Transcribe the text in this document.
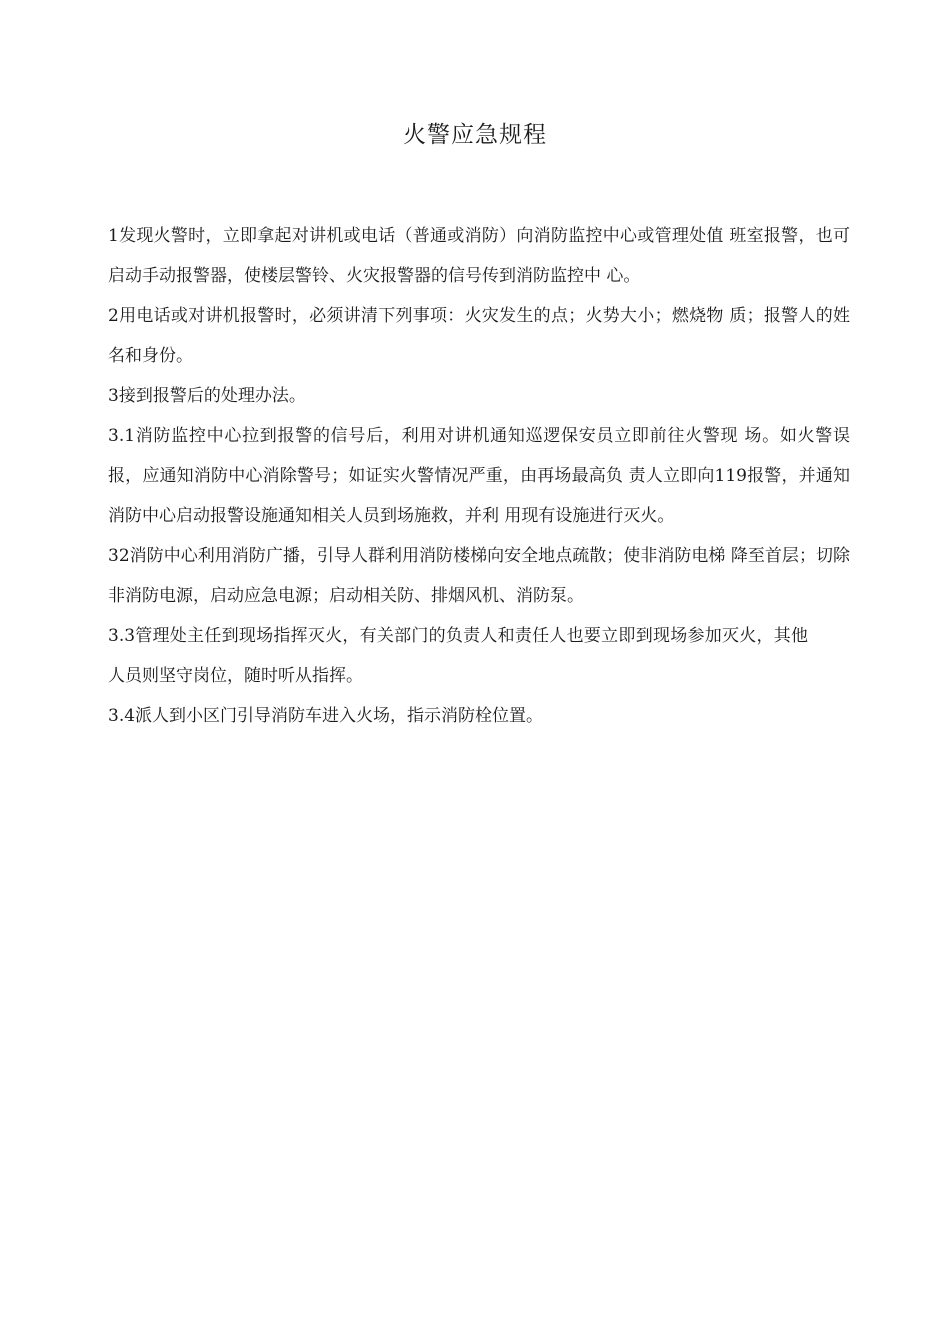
火警应急规程

1发现火警时，立即拿起对讲机或电话（普通或消防）向消防监控中心或管理处值 班室报警，也可启动手动报警器，使楼层警铃、火灾报警器的信号传到消防监控中 心。

2用电话或对讲机报警时，必须讲清下列事项：火灾发生的点；火势大小；燃烧物 质；报警人的姓名和身份。

3接到报警后的处理办法。

3.1消防监控中心拉到报警的信号后，利用对讲机通知巡逻保安员立即前往火警现 场。如火警误报，应通知消防中心消除警号；如证实火警情况严重，由再场最高负 责人立即向119报警，并通知消防中心启动报警设施通知相关人员到场施救，并利 用现有设施进行灭火。

32消防中心利用消防广播，引导人群利用消防楼梯向安全地点疏散；使非消防电梯 降至首层；切除非消防电源，启动应急电源；启动相关防、排烟风机、消防泵。

3.3管理处主任到现场指挥灭火，有关部门的负责人和责任人也要立即到现场参加灭火，其他人员则坚守岗位，随时听从指挥。

3.4派人到小区门引导消防车进入火场，指示消防栓位置。
